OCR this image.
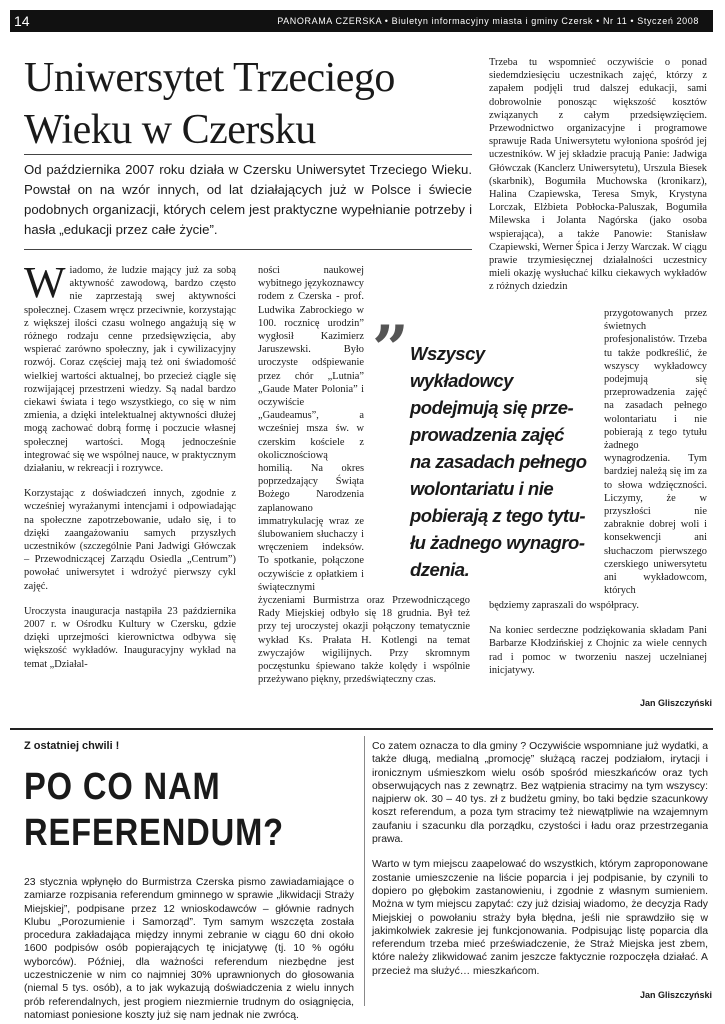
14	PANORAMA CZERSKA • Biuletyn informacyjny miasta i gminy Czersk • Nr 11 • Styczeń 2008
Uniwersytet Trzeciego Wieku w Czersku
Od października 2007 roku działa w Czersku Uniwersytet Trzeciego Wieku. Powstał on na wzór innych, od lat działających już w Polsce i świecie podobnych organizacji, których celem jest praktyczne wypełnianie potrzeby i hasła „edukacji przez całe życie”.

Wiadomo, że ludzie mający już za sobą aktywność zawodową, bardzo często nie zaprzestają swej aktywności społecznej. Czasem wręcz przeciwnie, korzystając z większej ilości czasu wolnego angażują się w różnego rodzaju cenne przedsięwzięcia, aby wspierać zarówno społeczny, jak i cywilizacyjny rozwój. Coraz częściej mają też oni świadomość wielkiej wartości aktualnej, bo przecież ciągle się rozwijającej przestrzeni wiedzy. Są nadal bardzo ciekawi świata i tego wszystkiego, co się w nim zmienia, a dzięki intelektualnej aktywności dłużej mogą zachować dobrą formę i poczucie własnej społecznej wartości. Mogą jednocześnie integrować się we wspólnej nauce, w praktycznym działaniu, w rekreacji i rozrywce.

Korzystając z doświadczeń innych, zgodnie z wcześniej wyrażanymi intencjami i odpowiadając na społeczne zapotrzebowanie, udało się, i to dzięki zaangażowaniu samych przyszłych uczestników (szczególnie Pani Jadwigi Główczak – Przewodniczącej Zarządu Osiedla „Centrum”) powołać uniwersytet i wdrożyć pierwszy cykl zajęć.

Uroczysta inauguracja nastąpiła 23 października 2007 r. w Ośrodku Kultury w Czersku, gdzie dzięki uprzejmości kierownictwa odbywa się większość wykładów. Inauguracyjny wykład na temat „Działal-

ności naukowej wybitnego językoznawcy rodem z Czerska - prof. Ludwika Zabrockiego w 100. rocznicę urodzin” wygłosił Kazimierz Jaruszewski. Było uroczyste odśpiewanie przez chór „Lutnia” „Gaude Mater Polonia” i oczywiście „Gaudeamus”, a wcześniej msza św. w czerskim kościele z okolicznościową homilią. Na okres poprzedzający Świąta Bożego Narodzenia zaplanowano immatrykulację wraz ze ślubowaniem słuchaczy i wręczeniem indeksów. To spotkanie, połączone oczywiście z opłatkiem i świątecznymi życzeniami Burmistrza oraz Przewodniczącego Rady Miejskiej odbyło się 18 grudnia. Był też przy tej uroczystej okazji połączony tematycznie wykład Ks. Prałata H. Kotlengi na temat zwyczajów wigilijnych. Przy skromnym poczęstunku śpiewano także kolędy i wspólnie przeżywano piękny, przedświąteczny czas.

Trzeba tu wspomnieć oczywiście o ponad siedemdziesięciu uczestnikach zajęć, którzy z zapałem podjęli trud dalszej edukacji, sami dobrowolnie ponosząc większość kosztów związanych z całym przedsięwzięciem. Przewodnictwo organizacyjne i programowe sprawuje Rada Uniwersytetu wyłoniona spośród jej uczestników. W jej składzie pracują Panie: Jadwiga Główczak (Kanclerz Uniwersytetu), Urszula Biesek (skarbnik), Bogumiła Muchowska (kronikarz), Halina Czapiewska, Teresa Smyk, Krystyna Lorczak, Elżbieta Pobłocka-Paluszak, Bogumiła Milewska i Jolanta Nagórska (jako osoba wspierająca), a także Panowie: Stanisław Czapiewski, Werner Śpica i Jerzy Warczak. W ciągu prawie trzymiesięcznej działalności uczestnicy mieli okazję wysłuchać kilku ciekawych wykładów z różnych dziedzin

przygotowanych przez świetnych profesjonalistów. Trzeba tu także podkreślić, że wszyscy wykładowcy podejmują się przeprowadzenia zajęć na zasadach pełnego wolontariatu i nie pobierają z tego tytułu żadnego wynagrodzenia. Tym bardziej należą się im za to słowa wdzięczności. Liczymy, że w przyszłości nie zabraknie dobrej woli i konsekwencji ani słuchaczom pierwszego czerskiego uniwersytetu ani wykładowcom, których

będziemy zapraszali do współpracy.

Na koniec serdeczne podziękowania składam Pani Barbarze Kłodzińskiej z Chojnic za wiele cennych rad i pomoc w tworzeniu naszej uczelnianej inicjatywy.

Jan Gliszczyński
” Wszyscy wykładowcy podejmują się przeprowadzenia zajęć na zasadach pełnego wolontariatu i nie pobierają z tego tytułu żadnego wynagrodzenia.
Z ostatniej chwili !
PO CO NAM
REFERENDUM?
23 stycznia wpłynęło do Burmistrza Czerska pismo zawiadamiające o zamiarze rozpisania referendum gminnego w sprawie „likwidacji Straży Miejskiej”, podpisane przez 12 wnioskodawców – głównie radnych Klubu „Porozumienie i Samorząd”. Tym samym wszczęta została procedura zakładająca między innymi zebranie w ciągu 60 dni około 1600 podpisów osób popierających tę inicjatywę (tj. 10 % ogółu wyborców). Później, dla ważności referendum niezbędne jest uczestniczenie w nim co najmniej 30% uprawnionych do głosowania (niemal 5 tys. osób), a to jak wykazują doświadczenia z wielu innych prób referendalnych, jest progiem niezmiernie trudnym do osiągnięcia, natomiast poniesione koszty już się nam jednak nie zwrócą.

Co zatem oznacza to dla gminy ? Oczywiście wspomniane już wydatki, a także długą, medialną „promocję” służącą raczej podziałom, irytacji i ironicznym uśmieszkom wielu osób spośród mieszkańców oraz tych obserwujących nas z zewnątrz. Bez wątpienia stracimy na tym wszyscy: najpierw ok. 30 – 40 tys. zł z budżetu gminy, bo taki będzie szacunkowy koszt referendum, a poza tym stracimy też niewątpliwie na wzajemnym zaufaniu i szacunku dla porządku, czystości i ładu oraz przestrzegania prawa.

Warto w tym miejscu zaapelować do wszystkich, którym zaproponowane zostanie umieszczenie na liście poparcia i jej podpisanie, by czynili to dopiero po głębokim zastanowieniu, i zgodnie z własnym sumieniem. Można w tym miejscu zapytać: czy już dzisiaj wiadomo, że decyzja Rady Miejskiej o powołaniu straży była błędna, jeśli nie sprawdziło się w jakimkolwiek zakresie jej funkcjonowania. Podpisując listę poparcia dla referendum trzeba mieć przeświadczenie, że Straż Miejska jest zbem, które należy zlikwidować zanim jeszcze faktycznie rozpoczęła działać. A przecież ma służyć… mieszkańcom.

Jan Gliszczyński
